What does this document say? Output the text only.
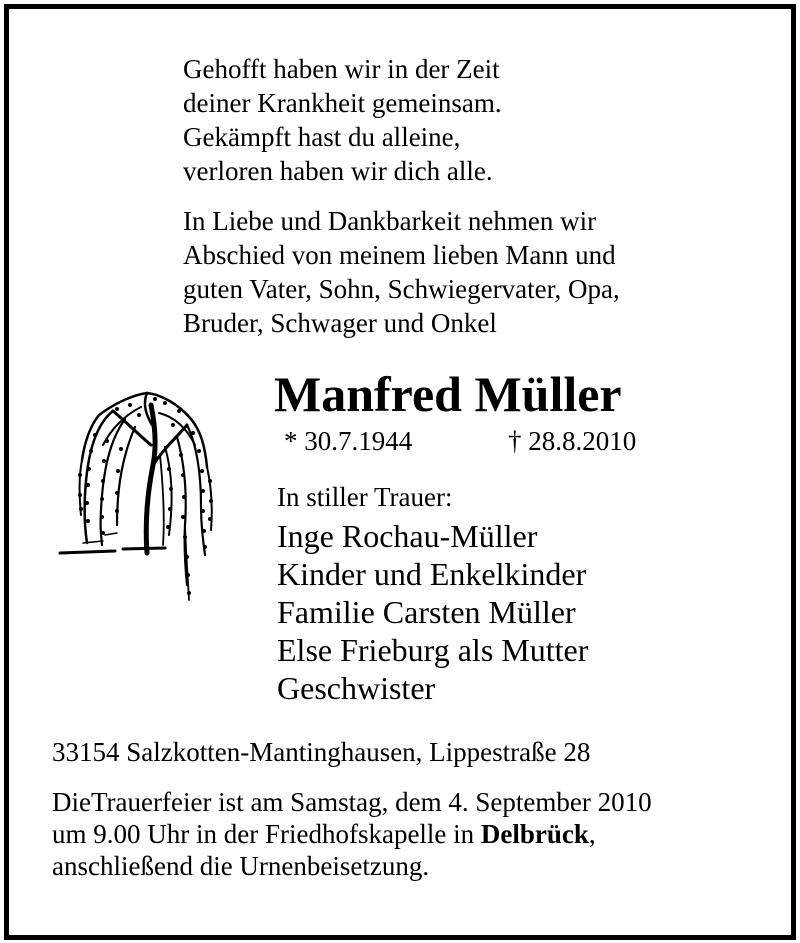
Gehofft haben wir in der Zeit
deiner Krankheit gemeinsam.
Gekämpft hast du alleine,
verloren haben wir dich alle.

In Liebe und Dankbarkeit nehmen wir
Abschied von meinem lieben Mann und
guten Vater, Sohn, Schwiegervater, Opa,
Bruder, Schwager und Onkel

Manfred Müller
* 30.7.1944	† 28.8.2010
In stiller Trauer:
Inge Rochau-Müller
Kinder und Enkelkinder
Familie Carsten Müller
Else Frieburg als Mutter
Geschwister
33154 Salzkotten-Mantinghausen, Lippestraße 28

DieTrauerfeier ist am Samstag, dem 4. September 2010
um 9.00 Uhr in der Friedhofskapelle in Delbrück,
anschließend die Urnenbeisetzung.
